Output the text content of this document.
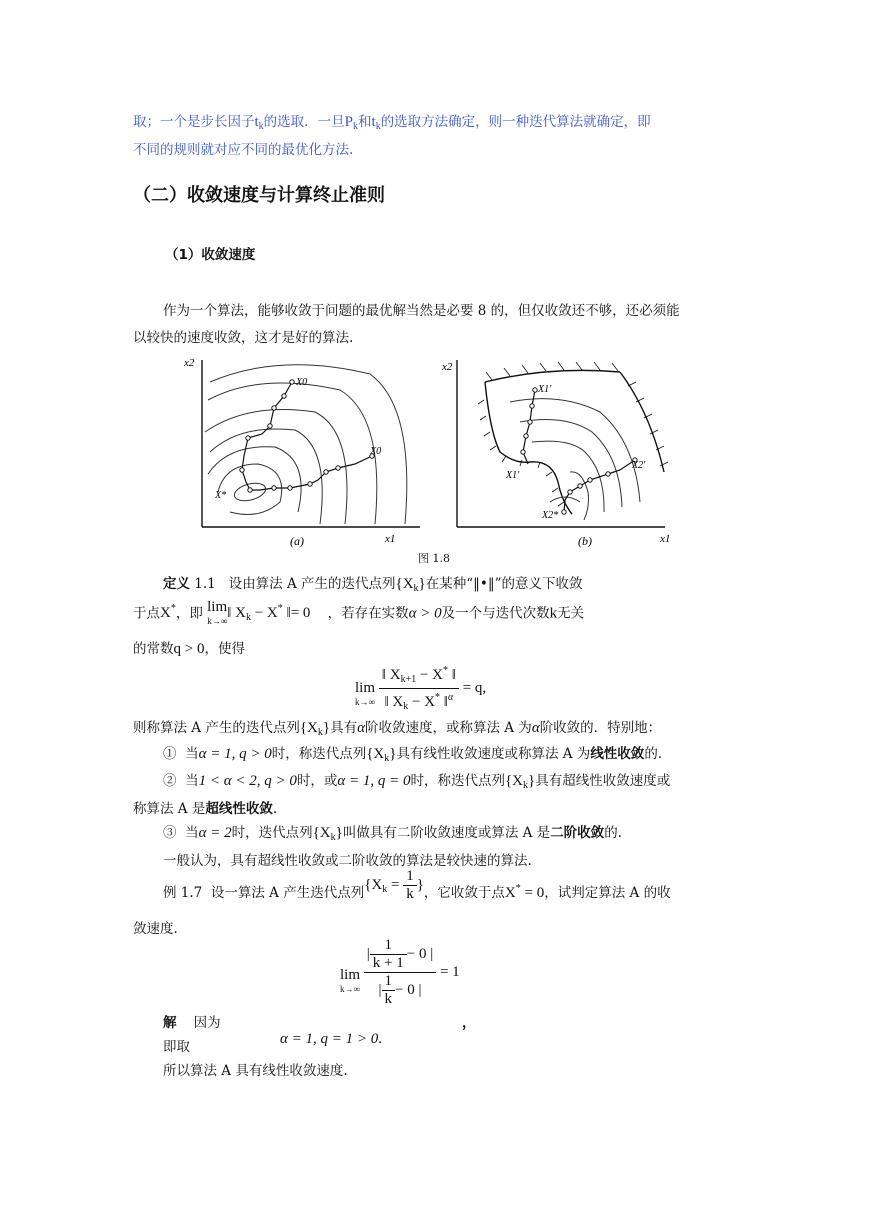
取；一个是步长因子$t_k$的选取．一旦$P_k$和$t_k$的选取方法确定，则一种迭代算法就确定，即
不同的规则就对应不同的最优化方法.
（二）收敛速度与计算终止准则
（1）收敛速度
作为一个算法，能够收敛于问题的最优解当然是必要 8 的，但仅收敛还不够，还必须能
以较快的速度收敛，这才是好的算法.
x2
x1
X0
X0
X*
(a)
x2
x1
X1'
X1'
X2'
X2*
(b)
图 1.8
定义 1.1 设由算法 A 产生的迭代点列$\{X_k\}$在某种“‖•‖”的意义下收敛
于点X*，即 lim
k→∞ ‖ $X_k - X^*$ ‖= 0 ，若存在实数α > 0及一个与迭代次数k无关
的常数q > 0，使得
lim
k→∞
$\frac{‖ X_{k+1} - X^* ‖}{‖ X_k - X^* ‖^\alpha} = q$,
则称算法 A 产生的迭代点列$\{X_k\}$具有α阶收敛速度，或称算法 A 为α阶收敛的．特别地：
① 当α = 1, q > 0时，称迭代点列$\{X_k\}$具有线性收敛速度或称算法 A 为线性收敛的.
② 当1 < α < 2, q > 0时，或α = 1, q = 0时，称迭代点列$\{X_k\}$具有超线性收敛速度或
称算法 A 是超线性收敛.
③ 当α = 2时，迭代点列$\{X_k\}$叫做具有二阶收敛速度或算法 A 是二阶收敛的.
一般认为，具有超线性收敛或二阶收敛的算法是较快速的算法.
例 1.7 设一算法 A 产生迭代点列{$X_k = \frac{1}{k}$ }，它收敛于点X* = 0，试判定算法 A 的收
敛速度.
lim
k→∞
$\frac{| \frac{1}{k + 1} - 0 |}{| \frac{1}{k} - 0 |} = 1$
解 因为	，
即取	α = 1, q = 1 > 0.
所以算法 A 具有线性收敛速度.
